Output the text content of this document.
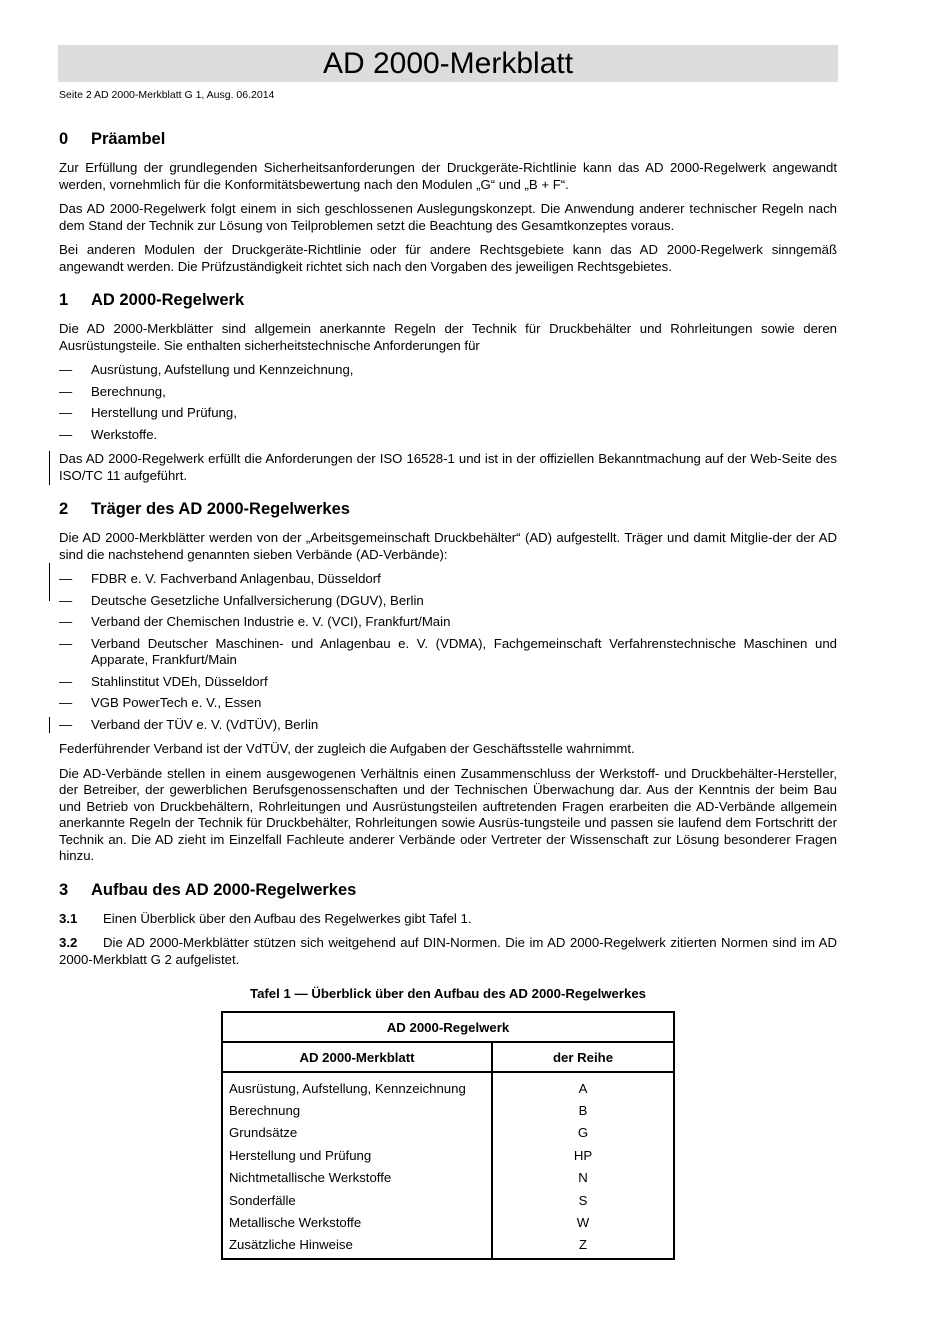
AD 2000-Merkblatt
Seite 2 AD 2000-Merkblatt G 1, Ausg. 06.2014
0 Präambel

Zur Erfüllung der grundlegenden Sicherheitsanforderungen der Druckgeräte-Richtlinie kann das AD 2000-Regelwerk angewandt werden, vornehmlich für die Konformitätsbewertung nach den Modulen „G“ und „B + F“.

Das AD 2000-Regelwerk folgt einem in sich geschlossenen Auslegungskonzept. Die Anwendung anderer technischer Regeln nach dem Stand der Technik zur Lösung von Teilproblemen setzt die Beachtung des Gesamtkonzeptes voraus.

Bei anderen Modulen der Druckgeräte-Richtlinie oder für andere Rechtsgebiete kann das AD 2000-Regelwerk sinngemäß angewandt werden. Die Prüfzuständigkeit richtet sich nach den Vorgaben des jeweiligen Rechtsgebietes.

1 AD 2000-Regelwerk

Die AD 2000-Merkblätter sind allgemein anerkannte Regeln der Technik für Druckbehälter und Rohrleitungen sowie deren Ausrüstungsteile. Sie enthalten sicherheitstechnische Anforderungen für

— Ausrüstung, Aufstellung und Kennzeichnung,
— Berechnung,
— Herstellung und Prüfung,
— Werkstoffe.

Das AD 2000-Regelwerk erfüllt die Anforderungen der ISO 16528-1 und ist in der offiziellen Bekanntmachung auf der Web-Seite des ISO/TC 11 aufgeführt.

2 Träger des AD 2000-Regelwerkes

Die AD 2000-Merkblätter werden von der „Arbeitsgemeinschaft Druckbehälter“ (AD) aufgestellt. Träger und damit Mitglie-der der AD sind die nachstehend genannten sieben Verbände (AD-Verbände):

— FDBR e. V. Fachverband Anlagenbau, Düsseldorf
— Deutsche Gesetzliche Unfallversicherung (DGUV), Berlin
— Verband der Chemischen Industrie e. V. (VCI), Frankfurt/Main
— Verband Deutscher Maschinen- und Anlagenbau e. V. (VDMA), Fachgemeinschaft Verfahrenstechnische Maschinen und Apparate, Frankfurt/Main
— Stahlinstitut VDEh, Düsseldorf
— VGB PowerTech e. V., Essen
— Verband der TÜV e. V. (VdTÜV), Berlin

Federführender Verband ist der VdTÜV, der zugleich die Aufgaben der Geschäftsstelle wahrnimmt.

Die AD-Verbände stellen in einem ausgewogenen Verhältnis einen Zusammenschluss der Werkstoff- und Druckbehälter-Hersteller, der Betreiber, der gewerblichen Berufsgenossenschaften und der Technischen Überwachung dar. Aus der Kenntnis der beim Bau und Betrieb von Druckbehältern, Rohrleitungen und Ausrüstungsteilen auftretenden Fragen erarbeiten die AD-Verbände allgemein anerkannte Regeln der Technik für Druckbehälter, Rohrleitungen sowie Ausrüs-tungsteile und passen sie laufend dem Fortschritt der Technik an. Die AD zieht im Einzelfall Fachleute anderer Verbände oder Vertreter der Wissenschaft zur Lösung besonderer Fragen hinzu.

3 Aufbau des AD 2000-Regelwerkes

3.1 Einen Überblick über den Aufbau des Regelwerkes gibt Tafel 1.

3.2 Die AD 2000-Merkblätter stützen sich weitgehend auf DIN-Normen. Die im AD 2000-Regelwerk zitierten Normen sind im AD 2000-Merkblatt G 2 aufgelistet.

Tafel 1 — Überblick über den Aufbau des AD 2000-Regelwerkes
AD 2000-Regelwerk	
AD 2000-Merkblatt	der Reihe
Ausrüstung, Aufstellung, Kennzeichnung	A
Berechnung	B
Grundsätze	G
Herstellung und Prüfung	HP
Nichtmetallische Werkstoffe	N
Sonderfälle	S
Metallische Werkstoffe	W
Zusätzliche Hinweise	Z
